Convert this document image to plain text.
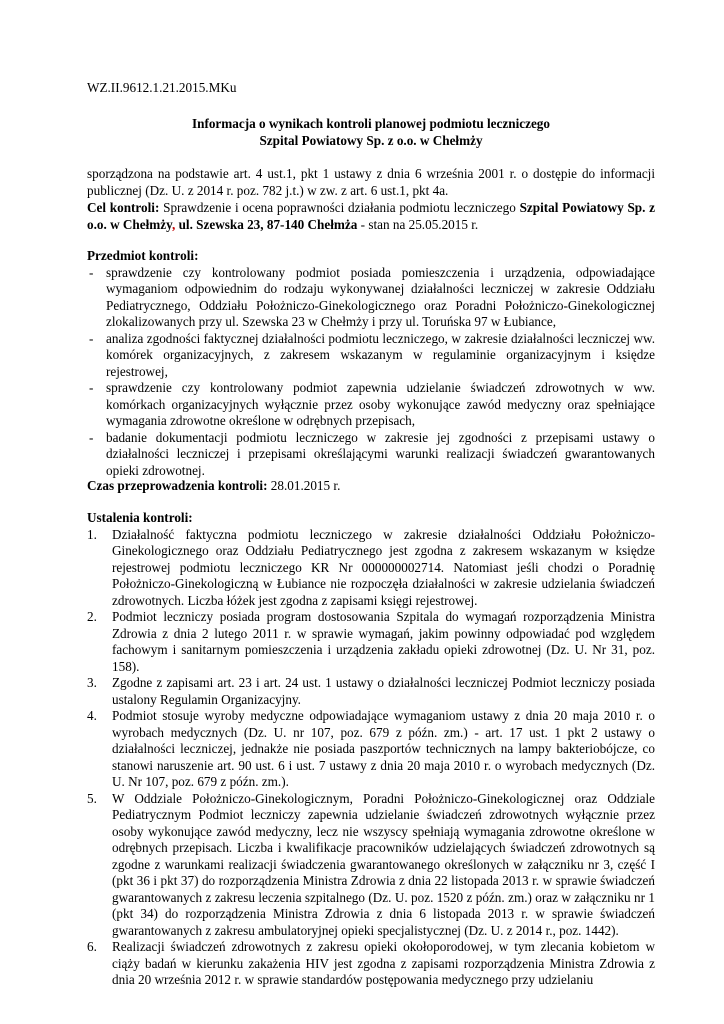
WZ.II.9612.1.21.2015.MKu
Informacja o wynikach kontroli planowej podmiotu leczniczego
Szpital Powiatowy Sp. z o.o. w Chełmży
sporządzona na podstawie art. 4 ust.1, pkt 1 ustawy z dnia 6 września 2001 r. o dostępie do informacji publicznej (Dz. U. z 2014 r. poz. 782 j.t.) w zw. z art. 6 ust.1, pkt 4a.
Cel kontroli: Sprawdzenie i ocena poprawności działania podmiotu leczniczego Szpital Powiatowy Sp. z o.o. w Chełmży, ul. Szewska 23, 87-140 Chełmża - stan na 25.05.2015 r.
Przedmiot kontroli:
- sprawdzenie czy kontrolowany podmiot posiada pomieszczenia i urządzenia, odpowiadające wymaganiom odpowiednim do rodzaju wykonywanej działalności leczniczej w zakresie Oddziału Pediatrycznego, Oddziału Położniczo-Ginekologicznego oraz Poradni Położniczo-Ginekologicznej zlokalizowanych przy ul. Szewska 23 w Chełmży i przy ul. Toruńska 97 w Łubiance,
- analiza zgodności faktycznej działalności podmiotu leczniczego, w zakresie działalności leczniczej ww. komórek organizacyjnych, z zakresem wskazanym w regulaminie organizacyjnym i księdze rejestrowej,
- sprawdzenie czy kontrolowany podmiot zapewnia udzielanie świadczeń zdrowotnych w ww. komórkach organizacyjnych wyłącznie przez osoby wykonujące zawód medyczny oraz spełniające wymagania zdrowotne określone w odrębnych przepisach,
- badanie dokumentacji podmiotu leczniczego w zakresie jej zgodności z przepisami ustawy o działalności leczniczej i przepisami określającymi warunki realizacji świadczeń gwarantowanych opieki zdrowotnej.
Czas przeprowadzenia kontroli: 28.01.2015 r.
Ustalenia kontroli:
1. Działalność faktyczna podmiotu leczniczego w zakresie działalności Oddziału Położniczo-Ginekologicznego oraz Oddziału Pediatrycznego jest zgodna z zakresem wskazanym w księdze rejestrowej podmiotu leczniczego KR Nr 000000002714. Natomiast jeśli chodzi o Poradnię Położniczo-Ginekologiczną w Łubiance nie rozpoczęła działalności w zakresie udzielania świadczeń zdrowotnych. Liczba łóżek jest zgodna z zapisami księgi rejestrowej.
2. Podmiot leczniczy posiada program dostosowania Szpitala do wymagań rozporządzenia Ministra Zdrowia z dnia 2 lutego 2011 r. w sprawie wymagań, jakim powinny odpowiadać pod względem fachowym i sanitarnym pomieszczenia i urządzenia zakładu opieki zdrowotnej (Dz. U. Nr 31, poz. 158).
3. Zgodne z zapisami art. 23 i art. 24 ust. 1 ustawy o działalności leczniczej Podmiot leczniczy posiada ustalony Regulamin Organizacyjny.
4. Podmiot stosuje wyroby medyczne odpowiadające wymaganiom ustawy z dnia 20 maja 2010 r. o wyrobach medycznych (Dz. U. nr 107, poz. 679 z późn. zm.) - art. 17 ust. 1 pkt 2 ustawy o działalności leczniczej, jednakże nie posiada paszportów technicznych na lampy bakteriobójcze, co stanowi naruszenie art. 90 ust. 6 i ust. 7 ustawy z dnia 20 maja 2010 r. o wyrobach medycznych (Dz. U. Nr 107, poz. 679 z późn. zm.).
5. W Oddziale Położniczo-Ginekologicznym, Poradni Położniczo-Ginekologicznej oraz Oddziale Pediatrycznym Podmiot leczniczy zapewnia udzielanie świadczeń zdrowotnych wyłącznie przez osoby wykonujące zawód medyczny, lecz nie wszyscy spełniają wymagania zdrowotne określone w odrębnych przepisach. Liczba i kwalifikacje pracowników udzielających świadczeń zdrowotnych są zgodne z warunkami realizacji świadczenia gwarantowanego określonych w załączniku nr 3, część I (pkt 36 i pkt 37) do rozporządzenia Ministra Zdrowia z dnia 22 listopada 2013 r. w sprawie świadczeń gwarantowanych z zakresu leczenia szpitalnego (Dz. U. poz. 1520 z późn. zm.) oraz w załączniku nr 1 (pkt 34) do rozporządzenia Ministra Zdrowia z dnia 6 listopada 2013 r. w sprawie świadczeń gwarantowanych z zakresu ambulatoryjnej opieki specjalistycznej (Dz. U. z 2014 r., poz. 1442).
6. Realizacji świadczeń zdrowotnych z zakresu opieki okołoporodowej, w tym zlecania kobietom w ciąży badań w kierunku zakażenia HIV jest zgodna z zapisami rozporządzenia Ministra Zdrowia z dnia 20 września 2012 r. w sprawie standardów postępowania medycznego przy udzielaniu
